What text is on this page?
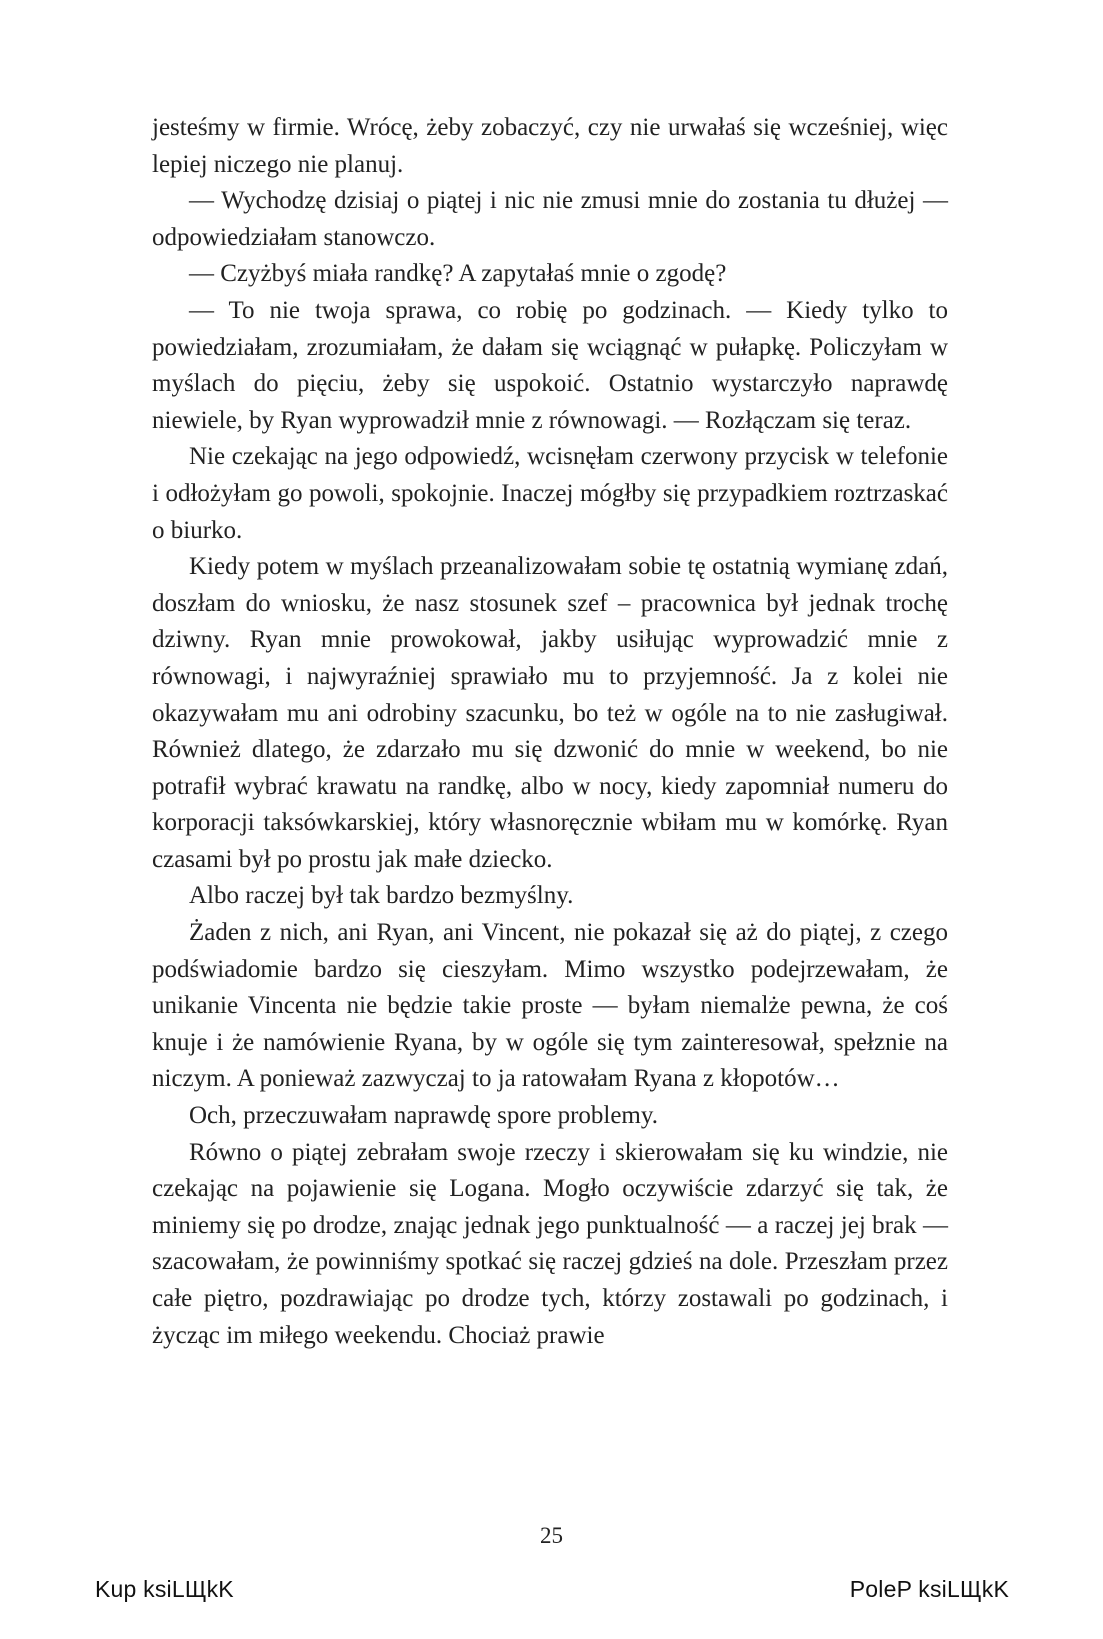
jesteśmy w firmie. Wrócę, żeby zobaczyć, czy nie urwałaś się wcześniej, więc lepiej niczego nie planuj.

— Wychodzę dzisiaj o piątej i nic nie zmusi mnie do zostania tu dłużej — odpowiedziałam stanowczo.

— Czyżbyś miała randkę? A zapytałaś mnie o zgodę?

— To nie twoja sprawa, co robię po godzinach. — Kiedy tylko to powiedziałam, zrozumiałam, że dałam się wciągnąć w pułapkę. Policzyłam w myślach do pięciu, żeby się uspokoić. Ostatnio wystarczyło naprawdę niewiele, by Ryan wyprowadził mnie z równowagi. — Rozłączam się teraz.

Nie czekając na jego odpowiedź, wcisnęłam czerwony przycisk w telefonie i odłożyłam go powoli, spokojnie. Inaczej mógłby się przypadkiem roztrzaskać o biurko.

Kiedy potem w myślach przeanalizowałam sobie tę ostatnią wymianę zdań, doszłam do wniosku, że nasz stosunek szef – pracownica był jednak trochę dziwny. Ryan mnie prowokował, jakby usiłując wyprowadzić mnie z równowagi, i najwyraźniej sprawiało mu to przyjemność. Ja z kolei nie okazywałam mu ani odrobiny szacunku, bo też w ogóle na to nie zasługiwał. Również dlatego, że zdarzało mu się dzwonić do mnie w weekend, bo nie potrafił wybrać krawatu na randkę, albo w nocy, kiedy zapomniał numeru do korporacji taksówkarskiej, który własnoręcznie wbiłam mu w komórkę. Ryan czasami był po prostu jak małe dziecko.

Albo raczej był tak bardzo bezmyślny.

Żaden z nich, ani Ryan, ani Vincent, nie pokazał się aż do piątej, z czego podświadomie bardzo się cieszyłam. Mimo wszystko podejrzewałam, że unikanie Vincenta nie będzie takie proste — byłam niemalże pewna, że coś knuje i że namówienie Ryana, by w ogóle się tym zainteresował, spełznie na niczym. A ponieważ zazwyczaj to ja ratowałam Ryana z kłopotów…

Och, przeczuwałam naprawdę spore problemy.

Równo o piątej zebrałam swoje rzeczy i skierowałam się ku windzie, nie czekając na pojawienie się Logana. Mogło oczywiście zdarzyć się tak, że miniemy się po drodze, znając jednak jego punktualność — a raczej jej brak — szacowałam, że powinniśmy spotkać się raczej gdzieś na dole. Przeszłam przez całe piętro, pozdrawiając po drodze tych, którzy zostawali po godzinach, i życząc im miłego weekendu. Chociaż prawie

25
Kup ksiLЩkK	PoleP ksiLЩkK
